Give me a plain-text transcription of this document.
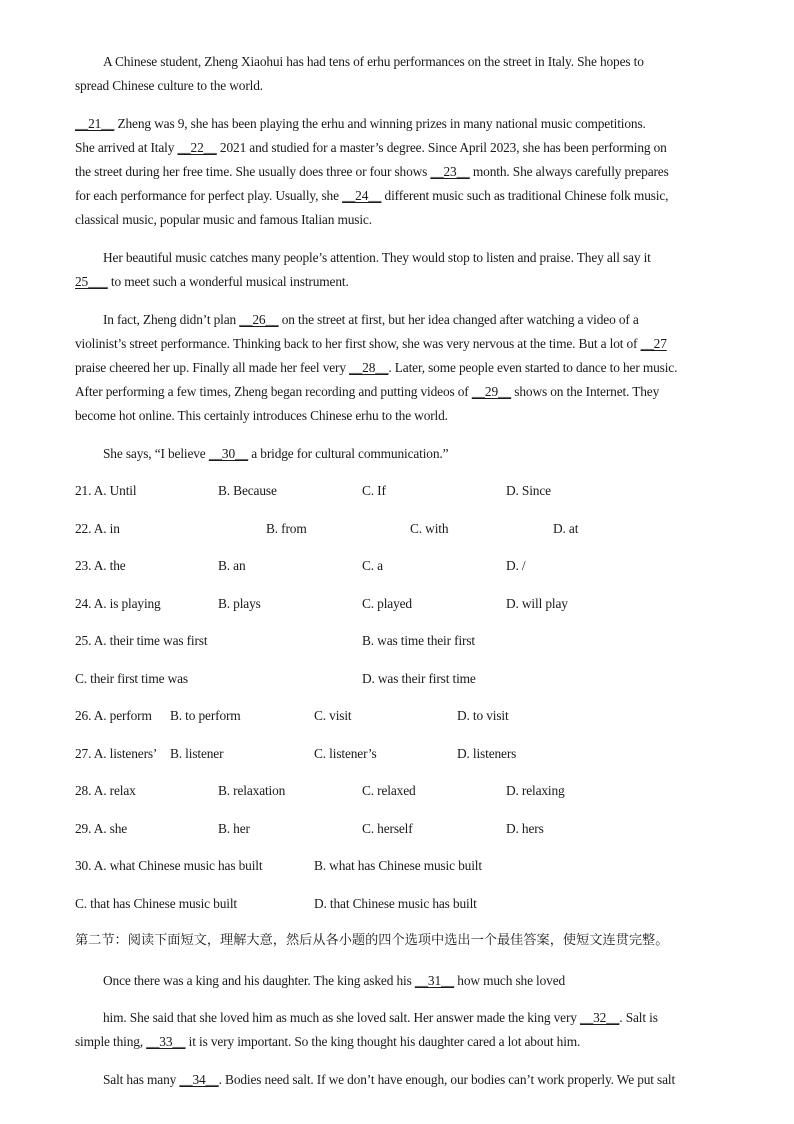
A Chinese student, Zheng Xiaohui has had tens of erhu performances on the street in Italy. She hopes to
spread Chinese culture to the world.
__21__ Zheng was 9, she has been playing the erhu and winning prizes in many national music competitions.
She arrived at Italy __22__ 2021 and studied for a master’s degree. Since April 2023, she has been performing on
the street during her free time. She usually does three or four shows __23__ month. She always carefully prepares
for each performance for perfect play. Usually, she __24__ different music such as traditional Chinese folk music,
classical music, popular music and famous Italian music.
Her beautiful music catches many people’s attention. They would stop to listen and praise. They all say it
25___ to meet such a wonderful musical instrument.
In fact, Zheng didn’t plan __26__ on the street at first, but her idea changed after watching a video of a
violinist’s street performance. Thinking back to her first show, she was very nervous at the time. But a lot of __27
praise cheered her up. Finally all made her feel very __28__. Later, some people even started to dance to her music.
After performing a few times, Zheng began recording and putting videos of __29__ shows on the Internet. They
become hot online. This certainly introduces Chinese erhu to the world.
She says, “I believe __30__ a bridge for cultural communication.”
21. A. Until	B. Because	C. If	D. Since
22. A. in	B. from	C. with	D. at
23. A. the	B. an	C. a	D. /
24. A. is playing	B. plays	C. played	D. will play
25. A. their time was first	B. was time their first
C. their first time was	D. was their first time
26. A. perform B. to perform	C. visit	D. to visit
27. A. listeners’ B. listener	C. listener’s	D. listeners
28. A. relax	B. relaxation	C. relaxed	D. relaxing
29. A. she	B. her	C. herself	D. hers
30. A. what Chinese music has built	B. what has Chinese music built
C. that has Chinese music built	D. that Chinese music has built
第二节：阅读下面短文，理解大意，然后从各小题的四个选项中选出一个最佳答案，使短文连贯完整。
Once there was a king and his daughter. The king asked his __31__ how much she loved
him. She said that she loved him as much as she loved salt. Her answer made the king very __32__. Salt is
simple thing, __33__ it is very important. So the king thought his daughter cared a lot about him.
Salt has many __34__. Bodies need salt. If we don’t have enough, our bodies can’t work properly. We put salt
